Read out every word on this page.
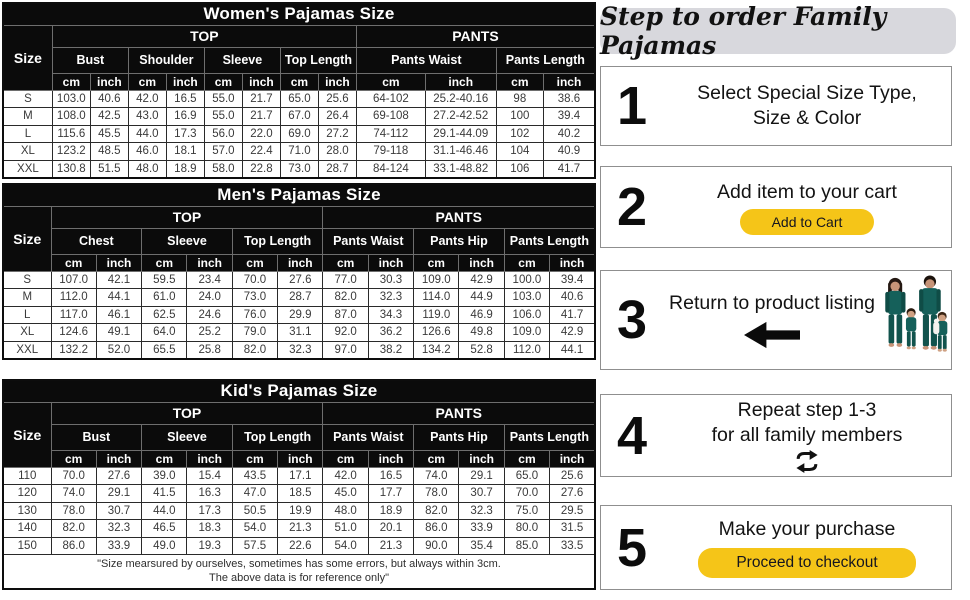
Women's Pajamas Size												
Size	TOP								PANTS			
	Bust		Shoulder		Sleeve		Top Length		Pants Waist		Pants Length	
	cm	inch	cm	inch	cm	inch	cm	inch	cm	inch	cm	inch
S	103.0	40.6	42.0	16.5	55.0	21.7	65.0	25.6	64-102	25.2-40.16	98	38.6
M	108.0	42.5	43.0	16.9	55.0	21.7	67.0	26.4	69-108	27.2-42.52	100	39.4
L	115.6	45.5	44.0	17.3	56.0	22.0	69.0	27.2	74-112	29.1-44.09	102	40.2
XL	123.2	48.5	46.0	18.1	57.0	22.4	71.0	28.0	79-118	31.1-46.46	104	40.9
XXL	130.8	51.5	48.0	18.9	58.0	22.8	73.0	28.7	84-124	33.1-48.82	106	41.7
Men's Pajamas Size												
Size	TOP						PANTS					
	Chest		Sleeve		Top Length		Pants Waist		Pants Hip		Pants Length	
	cm	inch	cm	inch	cm	inch	cm	inch	cm	inch	cm	inch
S	107.0	42.1	59.5	23.4	70.0	27.6	77.0	30.3	109.0	42.9	100.0	39.4
M	112.0	44.1	61.0	24.0	73.0	28.7	82.0	32.3	114.0	44.9	103.0	40.6
L	117.0	46.1	62.5	24.6	76.0	29.9	87.0	34.3	119.0	46.9	106.0	41.7
XL	124.6	49.1	64.0	25.2	79.0	31.1	92.0	36.2	126.6	49.8	109.0	42.9
XXL	132.2	52.0	65.5	25.8	82.0	32.3	97.0	38.2	134.2	52.8	112.0	44.1
Kid's Pajamas Size												
Size	TOP						PANTS					
	Bust		Sleeve		Top Length		Pants Waist		Pants Hip		Pants Length	
	cm	inch	cm	inch	cm	inch	cm	inch	cm	inch	cm	inch
110	70.0	27.6	39.0	15.4	43.5	17.1	42.0	16.5	74.0	29.1	65.0	25.6
120	74.0	29.1	41.5	16.3	47.0	18.5	45.0	17.7	78.0	30.7	70.0	27.6
130	78.0	30.7	44.0	17.3	50.5	19.9	48.0	18.9	82.0	32.3	75.0	29.5
140	82.0	32.3	46.5	18.3	54.0	21.3	51.0	20.1	86.0	33.9	80.0	31.5
150	86.0	33.9	49.0	19.3	57.5	22.6	54.0	21.3	90.0	35.4	85.0	33.5

"Size mearsured by ourselves, sometimes has some errors, but always within 3cm.
The above data is for reference only"												
Step to order Family Pajamas
1	Select Special Size Type,
Size & Color
2	Add item to your cart
Add to Cart
3	Return to product listing
4	Repeat step 1-3
for all family members
5	Make your purchase
Proceed to checkout
